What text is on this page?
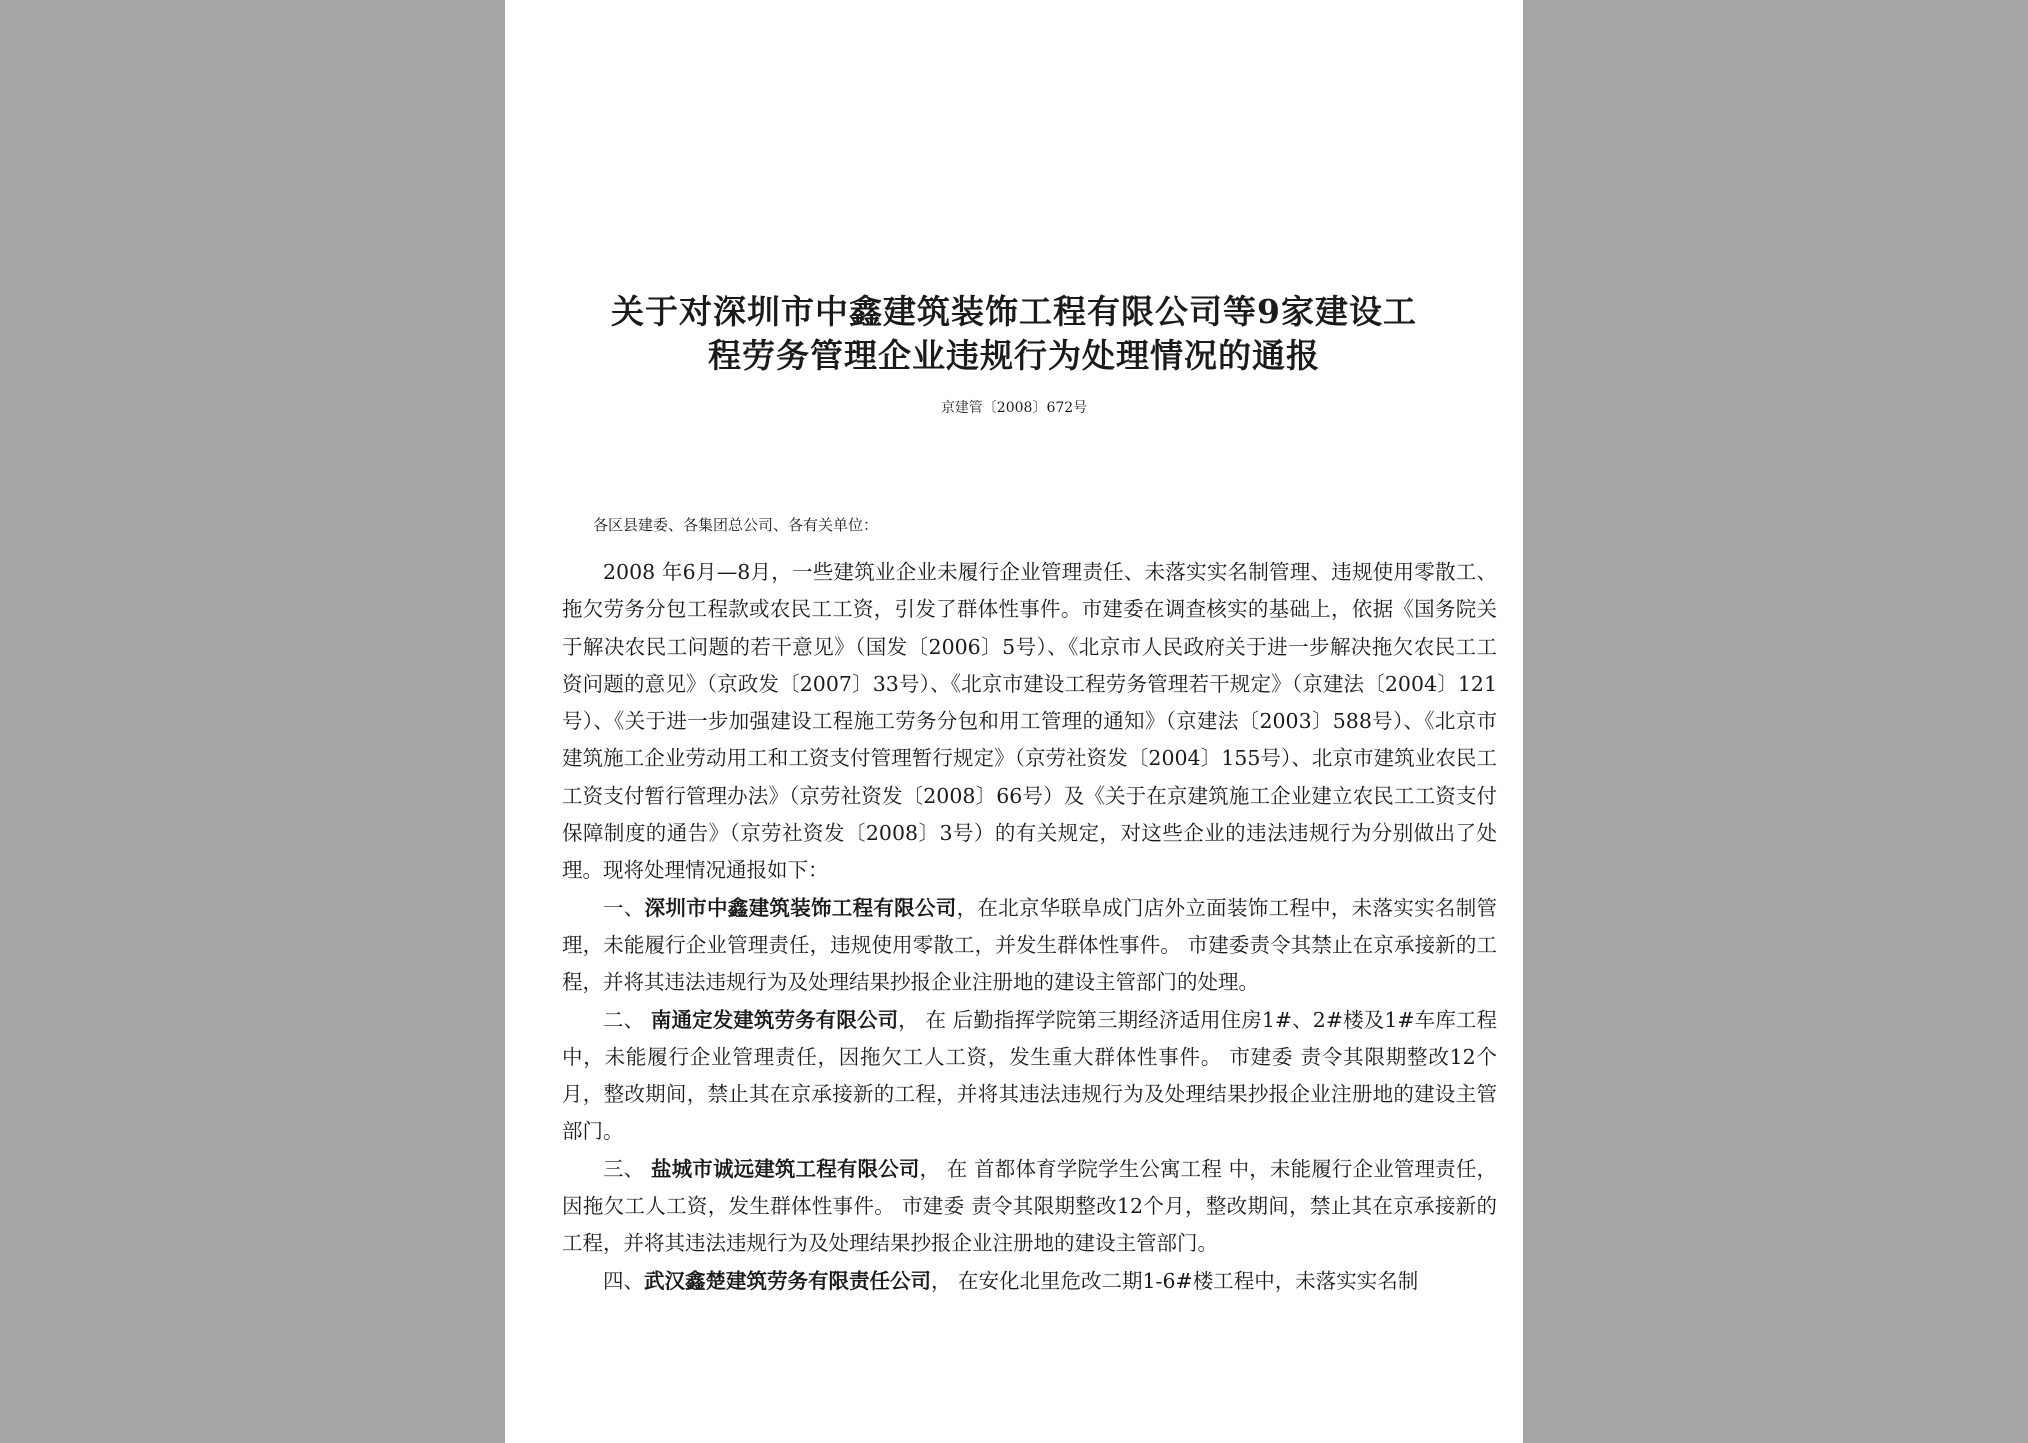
关于对深圳市中鑫建筑装饰工程有限公司等9家建设工
程劳务管理企业违规行为处理情况的通报
京建管〔2008〕672号
各区县建委、各集团总公司、各有关单位：

2008 年6月—8月，一些建筑业企业未履行企业管理责任、未落实实名制管理、违规使用零散工、拖欠劳务分包工程款或农民工工资，引发了群体性事件。市建委在调查核实的基础上，依据《国务院关于解决农民工问题的若干意见》（国发〔2006〕5号）、《北京市人民政府关于进一步解决拖欠农民工工资问题的意见》（京政发〔2007〕33号）、《北京市建设工程劳务管理若干规定》（京建法〔2004〕121号）、《关于进一步加强建设工程施工劳务分包和用工管理的通知》（京建法〔2003〕588号）、《北京市建筑施工企业劳动用工和工资支付管理暂行规定》（京劳社资发〔2004〕155号）、北京市建筑业农民工工资支付暂行管理办法》（京劳社资发〔2008〕66号）及《关于在京建筑施工企业建立农民工工资支付保障制度的通告》（京劳社资发〔2008〕3号）的有关规定，对这些企业的违法违规行为分别做出了处理。现将处理情况通报如下：

一、深圳市中鑫建筑装饰工程有限公司，在北京华联阜成门店外立面装饰工程中，未落实实名制管理，未能履行企业管理责任，违规使用零散工，并发生群体性事件。 市建委责令其禁止在京承接新的工程，并将其违法违规行为及处理结果抄报企业注册地的建设主管部门的处理。

二、 南通定发建筑劳务有限公司， 在 后勤指挥学院第三期经济适用住房1#、2#楼及1#车库工程 中，未能履行企业管理责任，因拖欠工人工资，发生重大群体性事件。 市建委 责令其限期整改12个月，整改期间，禁止其在京承接新的工程，并将其违法违规行为及处理结果抄报企业注册地的建设主管部门。

三、 盐城市诚远建筑工程有限公司， 在 首都体育学院学生公寓工程 中，未能履行企业管理责任，因拖欠工人工资，发生群体性事件。 市建委 责令其限期整改12个月，整改期间，禁止其在京承接新的工程，并将其违法违规行为及处理结果抄报企业注册地的建设主管部门。

四、武汉鑫楚建筑劳务有限责任公司， 在安化北里危改二期1-6#楼工程中，未落实实名制
